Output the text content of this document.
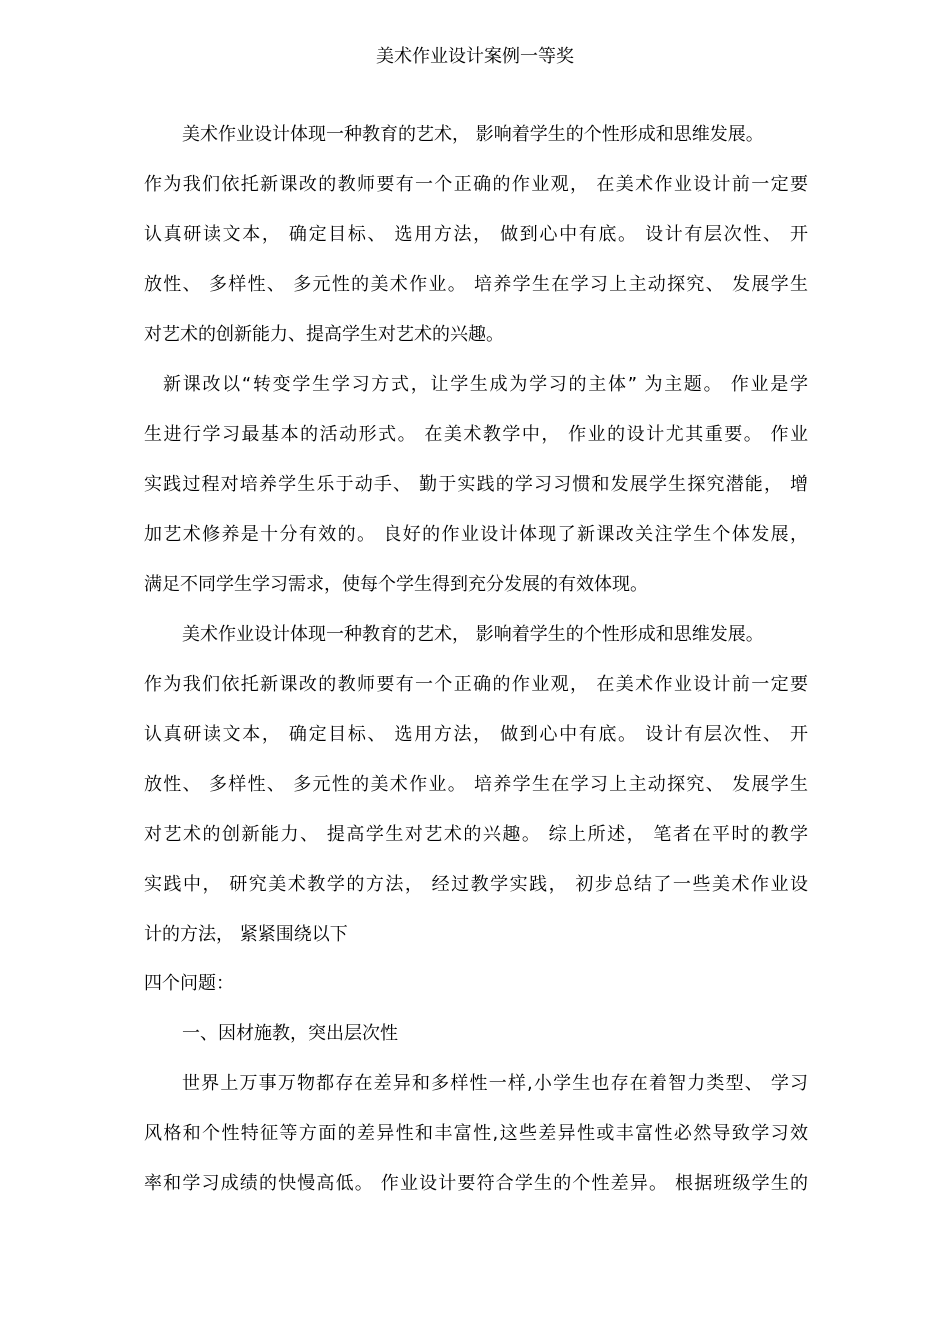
美术作业设计案例一等奖
美术作业设计体现一种教育的艺术， 影响着学生的个性形成和思维发展。
作为我们依托新课改的教师要有一个正确的作业观， 在美术作业设计前一定要
认真研读文本， 确定目标、 选用方法， 做到心中有底。 设计有层次性、 开
放性、 多样性、 多元性的美术作业。 培养学生在学习上主动探究、 发展学生
对艺术的创新能力、提高学生对艺术的兴趣。
新课改以“转变学生学习方式，让学生成为学习的主体” 为主题。 作业是学
生进行学习最基本的活动形式。 在美术教学中， 作业的设计尤其重要。 作业
实践过程对培养学生乐于动手、 勤于实践的学习习惯和发展学生探究潜能， 增
加艺术修养是十分有效的。 良好的作业设计体现了新课改关注学生个体发展，
满足不同学生学习需求，使每个学生得到充分发展的有效体现。
美术作业设计体现一种教育的艺术， 影响着学生的个性形成和思维发展。
作为我们依托新课改的教师要有一个正确的作业观， 在美术作业设计前一定要
认真研读文本， 确定目标、 选用方法， 做到心中有底。 设计有层次性、 开
放性、 多样性、 多元性的美术作业。 培养学生在学习上主动探究、 发展学生
对艺术的创新能力、 提高学生对艺术的兴趣。 综上所述， 笔者在平时的教学
实践中， 研究美术教学的方法， 经过教学实践， 初步总结了一些美术作业设
计的方法， 紧紧围绕以下
四个问题：
一、因材施教，突出层次性
世界上万事万物都存在差异和多样性一样,小学生也存在着智力类型、 学习
风格和个性特征等方面的差异性和丰富性,这些差异性或丰富性必然导致学习效
率和学习成绩的快慢高低。 作业设计要符合学生的个性差异。 根据班级学生的
